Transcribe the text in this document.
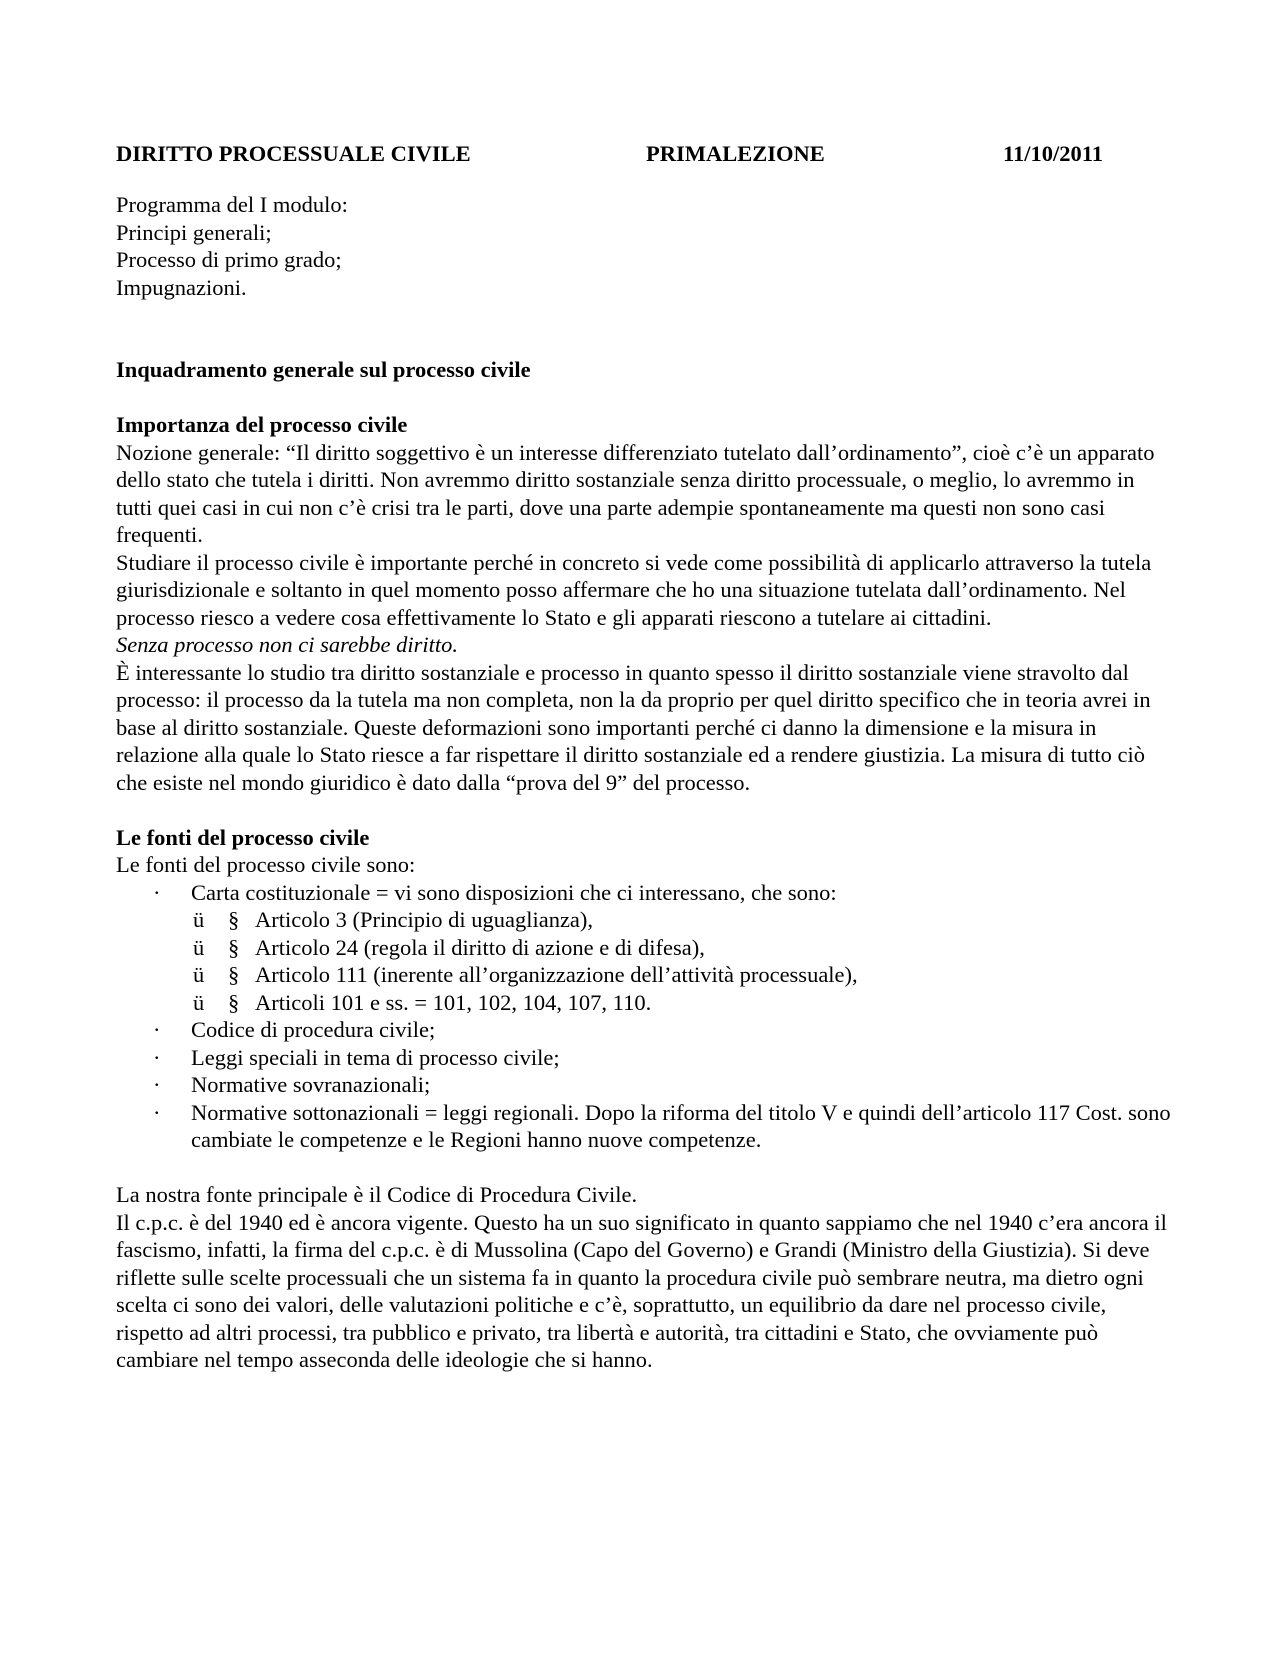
DIRITTO PROCESSUALE CIVILE	PRIMALEZIONE	11/10/2011

Programma del I modulo:

Principi generali;

Processo di primo grado;

Impugnazioni.

Inquadramento generale sul processo civile

Importanza del processo civile

Nozione generale: “Il diritto soggettivo è un interesse differenziato tutelato dall’ordinamento”, cioè c’è un apparato dello stato che tutela i diritti. Non avremmo diritto sostanziale senza diritto processuale, o meglio, lo avremmo in tutti quei casi in cui non c’è crisi tra le parti, dove una parte adempie spontaneamente ma questi non sono casi frequenti.

Studiare il processo civile è importante perché in concreto si vede come possibilità di applicarlo attraverso la tutela giurisdizionale e soltanto in quel momento posso affermare che ho una situazione tutelata dall’ordinamento. Nel processo riesco a vedere cosa effettivamente lo Stato e gli apparati riescono a tutelare ai cittadini.

Senza processo non ci sarebbe diritto.

È interessante lo studio tra diritto sostanziale e processo in quanto spesso il diritto sostanziale viene stravolto dal processo: il processo da la tutela ma non completa, non la da proprio per quel diritto specifico che in teoria avrei in base al diritto sostanziale. Queste deformazioni sono importanti perché ci danno la dimensione e la misura in relazione alla quale lo Stato riesce a far rispettare il diritto sostanziale ed a rendere giustizia. La misura di tutto ciò che esiste nel mondo giuridico è dato dalla “prova del 9” del processo.

Le fonti del processo civile

Le fonti del processo civile sono:

· Carta costituzionale = vi sono disposizioni che ci interessano, che sono:
ü § Articolo 3 (Principio di uguaglianza),
ü § Articolo 24 (regola il diritto di azione e di difesa),
ü § Articolo 111 (inerente all’organizzazione dell’attività processuale),
ü § Articoli 101 e ss. = 101, 102, 104, 107, 110.
· Codice di procedura civile;
· Leggi speciali in tema di processo civile;
· Normative sovranazionali;
· Normative sottonazionali = leggi regionali. Dopo la riforma del titolo V e quindi dell’articolo 117 Cost. sono cambiate le competenze e le Regioni hanno nuove competenze.

La nostra fonte principale è il Codice di Procedura Civile.

Il c.p.c. è del 1940 ed è ancora vigente. Questo ha un suo significato in quanto sappiamo che nel 1940 c’era ancora il fascismo, infatti, la firma del c.p.c. è di Mussolina (Capo del Governo) e Grandi (Ministro della Giustizia). Si deve riflette sulle scelte processuali che un sistema fa in quanto la procedura civile può sembrare neutra, ma dietro ogni scelta ci sono dei valori, delle valutazioni politiche e c’è, soprattutto, un equilibrio da dare nel processo civile, rispetto ad altri processi, tra pubblico e privato, tra libertà e autorità, tra cittadini e Stato, che ovviamente può cambiare nel tempo asseconda delle ideologie che si hanno.
